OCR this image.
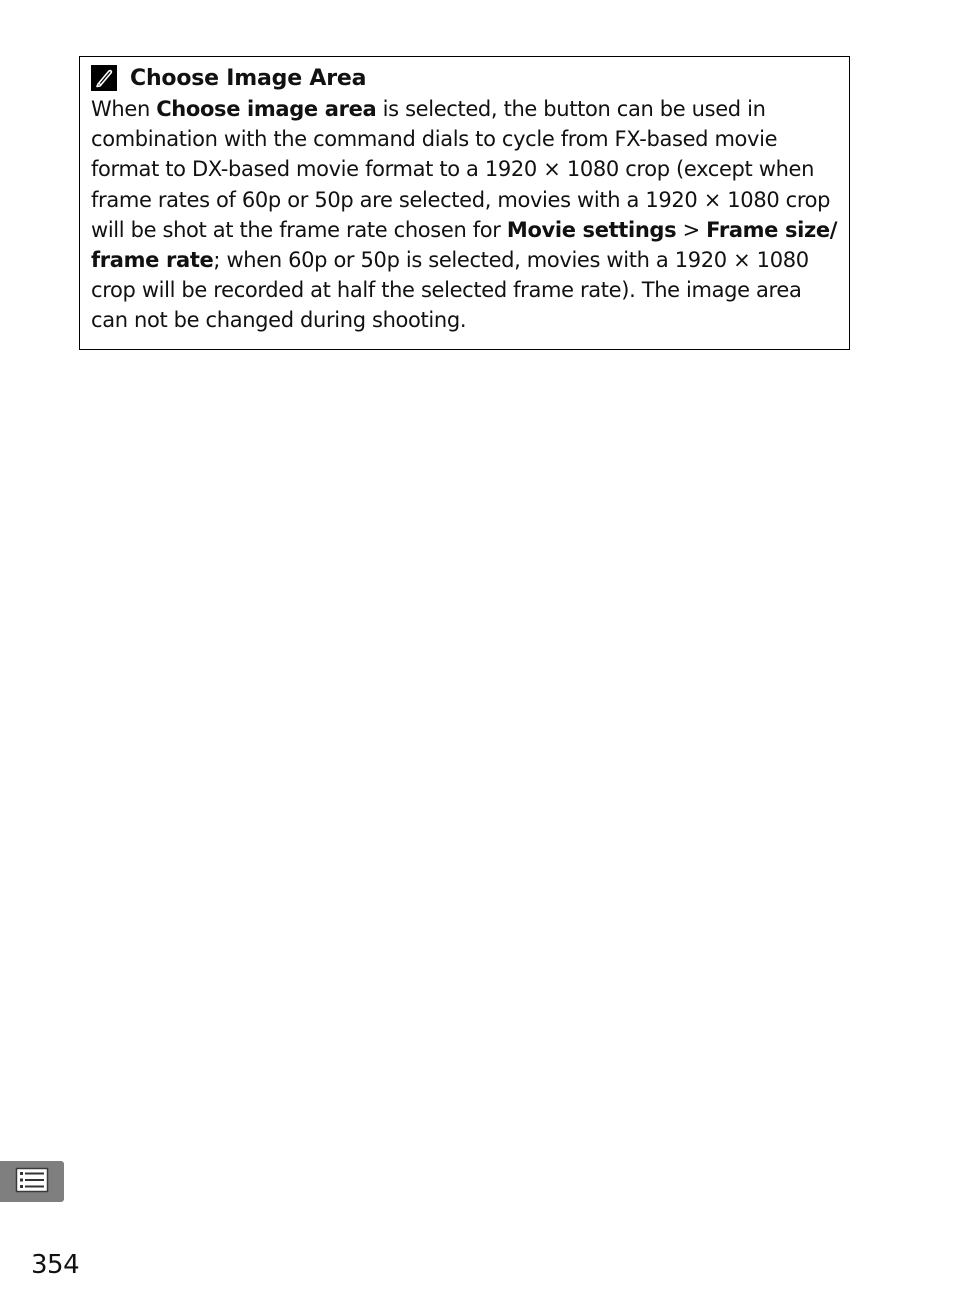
Choose Image Area

When Choose image area is selected, the button can be used in combination with the command dials to cycle from FX-based movie format to DX-based movie format to a 1920 × 1080 crop (except when frame rates of 60p or 50p are selected, movies with a 1920 × 1080 crop will be shot at the frame rate chosen for Movie settings > Frame size/ frame rate; when 60p or 50p is selected, movies with a 1920 × 1080 crop will be recorded at half the selected frame rate). The image area can not be changed during shooting.

354
